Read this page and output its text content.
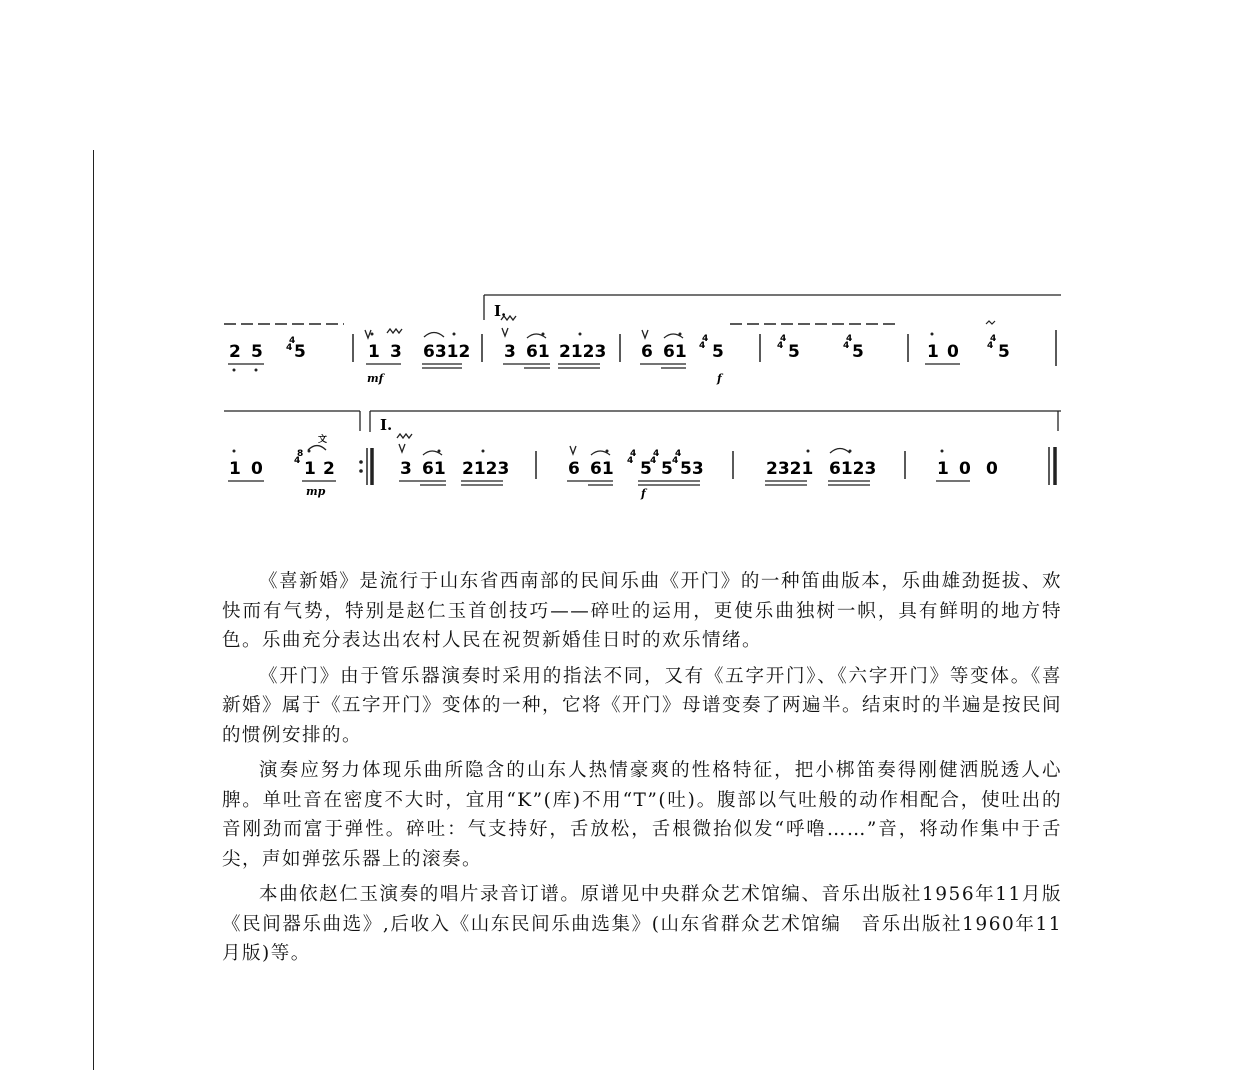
I.
2 5
4
4 5	1 3 6312
mf
3 61 2123 6 61
4
4 5
f
4
4 5
4
4 5	1 0
4
4 5
I.
1 0
8
4
文
1 2
mp
3 61 2123	6 61
4
4 5
4
4 5
4
4 53
f
2321 6123	1 0 0

《喜新婚》是流行于山东省西南部的民间乐曲《开门》的一种笛曲版本，乐曲雄劲挺拔、欢快而有气势，特别是赵仁玉首创技巧——碎吐的运用，更使乐曲独树一帜，具有鲜明的地方特色。乐曲充分表达出农村人民在祝贺新婚佳日时的欢乐情绪。

《开门》由于管乐器演奏时采用的指法不同，又有《五字开门》、《六字开门》等变体。《喜新婚》属于《五字开门》变体的一种，它将《开门》母谱变奏了两遍半。结束时的半遍是按民间的惯例安排的。

演奏应努力体现乐曲所隐含的山东人热情豪爽的性格特征，把小梆笛奏得刚健洒脱透人心脾。单吐音在密度不大时，宜用“K”(库)不用“T”(吐)。腹部以气吐般的动作相配合，使吐出的音刚劲而富于弹性。碎吐：气支持好，舌放松，舌根微抬似发“呼噜……”音，将动作集中于舌尖，声如弹弦乐器上的滚奏。

本曲依赵仁玉演奏的唱片录音订谱。原谱见中央群众艺术馆编、音乐出版社1956年11月版《民间器乐曲选》,后收入《山东民间乐曲选集》(山东省群众艺术馆编　音乐出版社1960年11月版)等。
